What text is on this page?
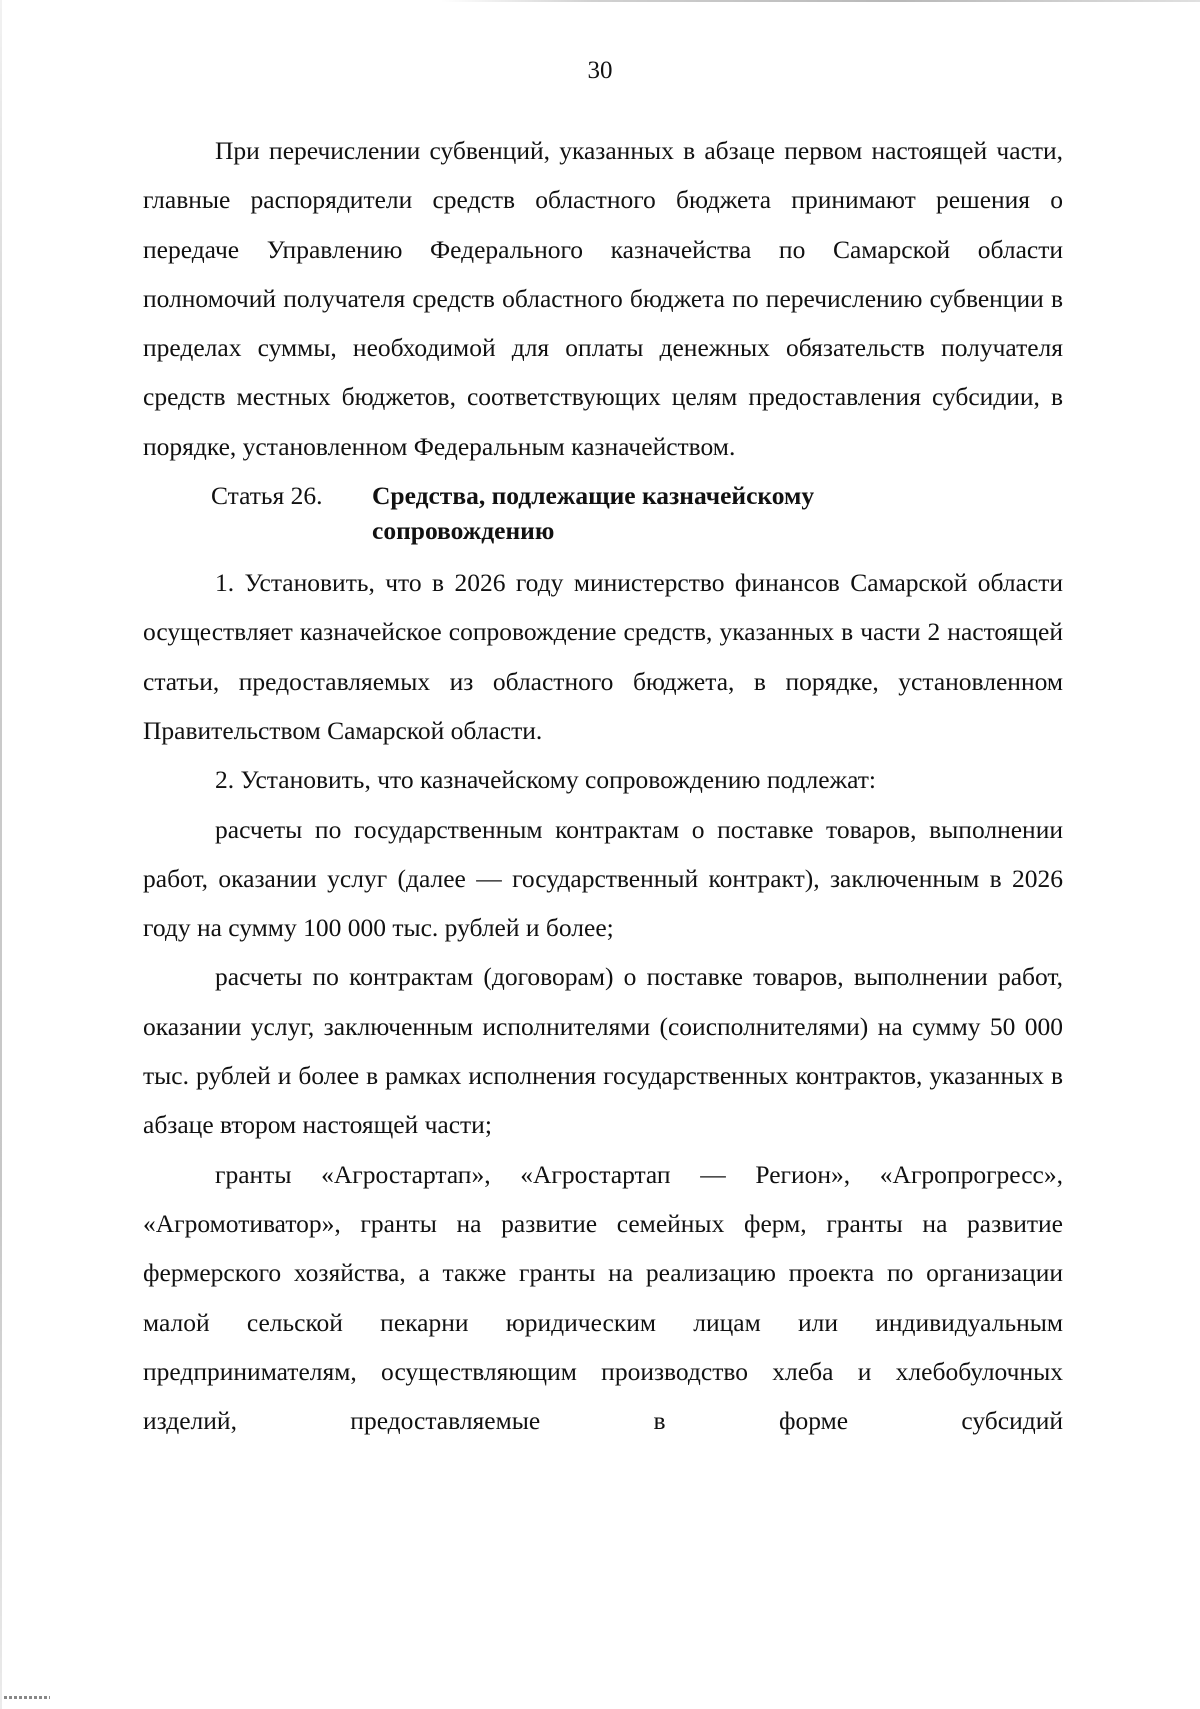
30

При перечислении субвенций, указанных в абзаце первом настоящей части, главные распорядители средств областного бюджета принимают решения о передаче Управлению Федерального казначейства по Самарской области полномочий получателя средств областного бюджета по перечислению субвенции в пределах суммы, необходимой для оплаты денежных обязательств получателя средств местных бюджетов, соответствующих целям предоставления субсидии, в порядке, установленном Федеральным казначейством.

Статья 26. Средства, подлежащие казначейскому сопровождению

1. Установить, что в 2026 году министерство финансов Самарской области осуществляет казначейское сопровождение средств, указанных в части 2 настоящей статьи, предоставляемых из областного бюджета, в порядке, установленном Правительством Самарской области.

2. Установить, что казначейскому сопровождению подлежат:

расчеты по государственным контрактам о поставке товаров, выполнении работ, оказании услуг (далее — государственный контракт), заключенным в 2026 году на сумму 100 000 тыс. рублей и более;

расчеты по контрактам (договорам) о поставке товаров, выполнении работ, оказании услуг, заключенным исполнителями (соисполнителями) на сумму 50 000 тыс. рублей и более в рамках исполнения государственных контрактов, указанных в абзаце втором настоящей части;

гранты «Агростартап», «Агростартап — Регион», «Агропрогресс», «Агромотиватор», гранты на развитие семейных ферм, гранты на развитие фермерского хозяйства, а также гранты на реализацию проекта по организации малой сельской пекарни юридическим лицам или индивидуальным предпринимателям, осуществляющим производство хлеба и хлебобулочных изделий, предоставляемые в форме субсидий
